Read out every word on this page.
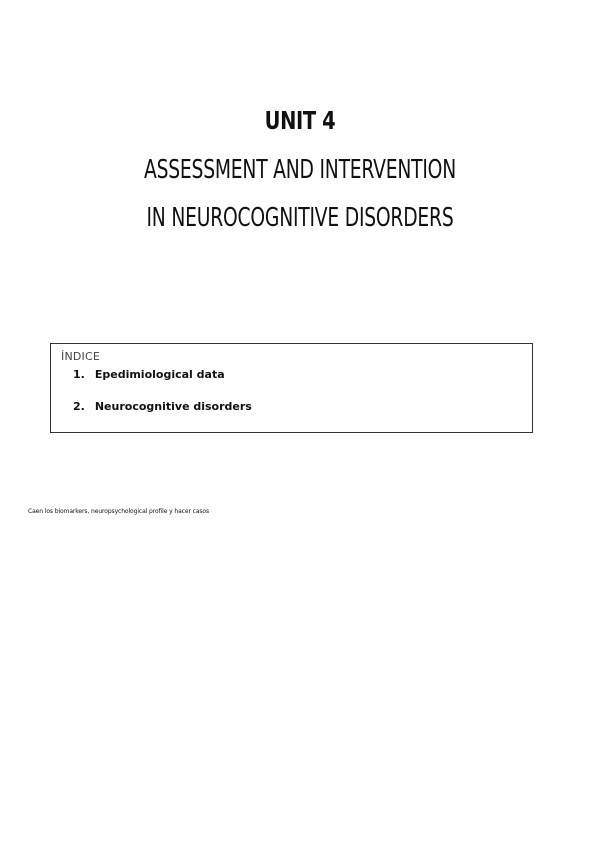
UNIT 4
ASSESSMENT AND INTERVENTION
IN NEUROCOGNITIVE DISORDERS
ÍNDICE
1. Epedimiological data
2. Neurocognitive disorders
Caen los biomarkers, neuropsychological profile y hacer casos
